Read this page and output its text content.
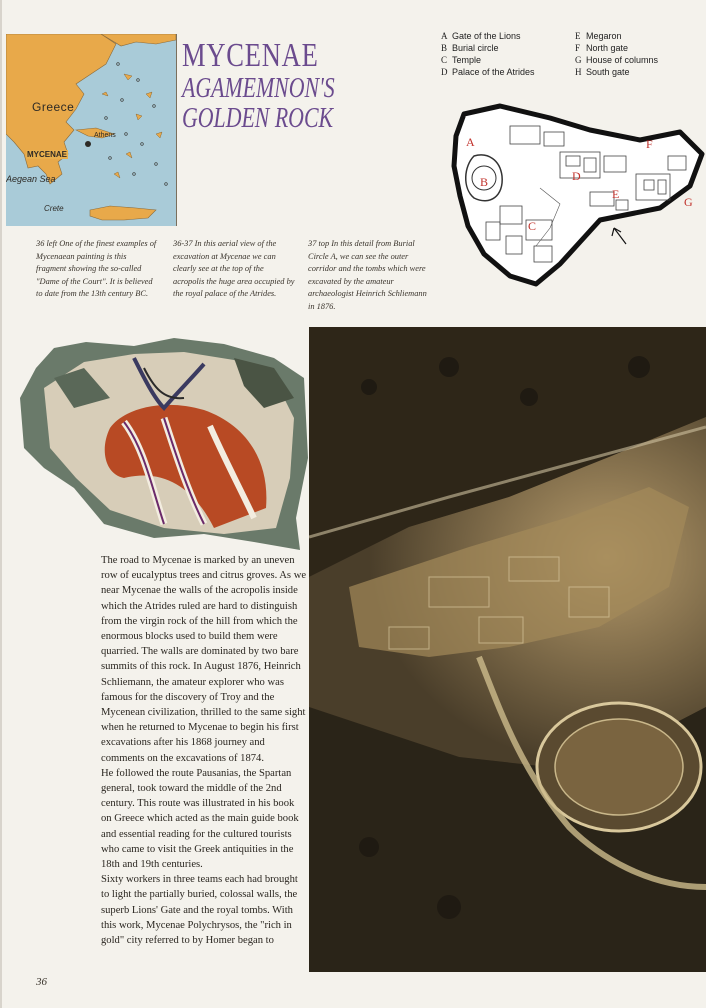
Greece
MYCENAE
Athens
Aegean Sea
Crete
MYCENAE
AGAMEMNON'S
GOLDEN ROCK
A Gate of the Lions
B Burial circle
C Temple
D Palace of the Atrides
E Megaron
F North gate
G House of columns
H South gate
A
B
C
D
E
F
G
36 left One of the finest examples of Mycenaean painting is this fragment showing the so-called "Dame of the Court". It is believed to date from the 13th century BC.
36-37 In this aerial view of the excavation at Mycenae we can clearly see at the top of the acropolis the huge area occupied by the royal palace of the Atrides.
37 top In this detail from Burial Circle A, we can see the outer corridor and the tombs which were excavated by the amateur archaeologist Heinrich Schliemann in 1876.

The road to Mycenae is marked by an uneven row of eucalyptus trees and citrus groves. As we near Mycenae the walls of the acropolis inside which the Atrides ruled are hard to distinguish from the virgin rock of the hill from which the enormous blocks used to build them were quarried. The walls are dominated by two bare summits of this rock. In August 1876, Heinrich Schliemann, the amateur explorer who was famous for the discovery of Troy and the Mycenean civilization, thrilled to the same sight when he returned to Mycenae to begin his first excavations after his 1868 journey and comments on the excavations of 1874.

He followed the route Pausanias, the Spartan general, took toward the middle of the 2nd century. This route was illustrated in his book on Greece which acted as the main guide book and essential reading for the cultured tourists who came to visit the Greek antiquities in the 18th and 19th centuries.

Sixty workers in three teams each had brought to light the partially buried, colossal walls, the superb Lions' Gate and the royal tombs. With this work, Mycenae Polychrysos, the "rich in gold" city referred to by Homer began to

36
